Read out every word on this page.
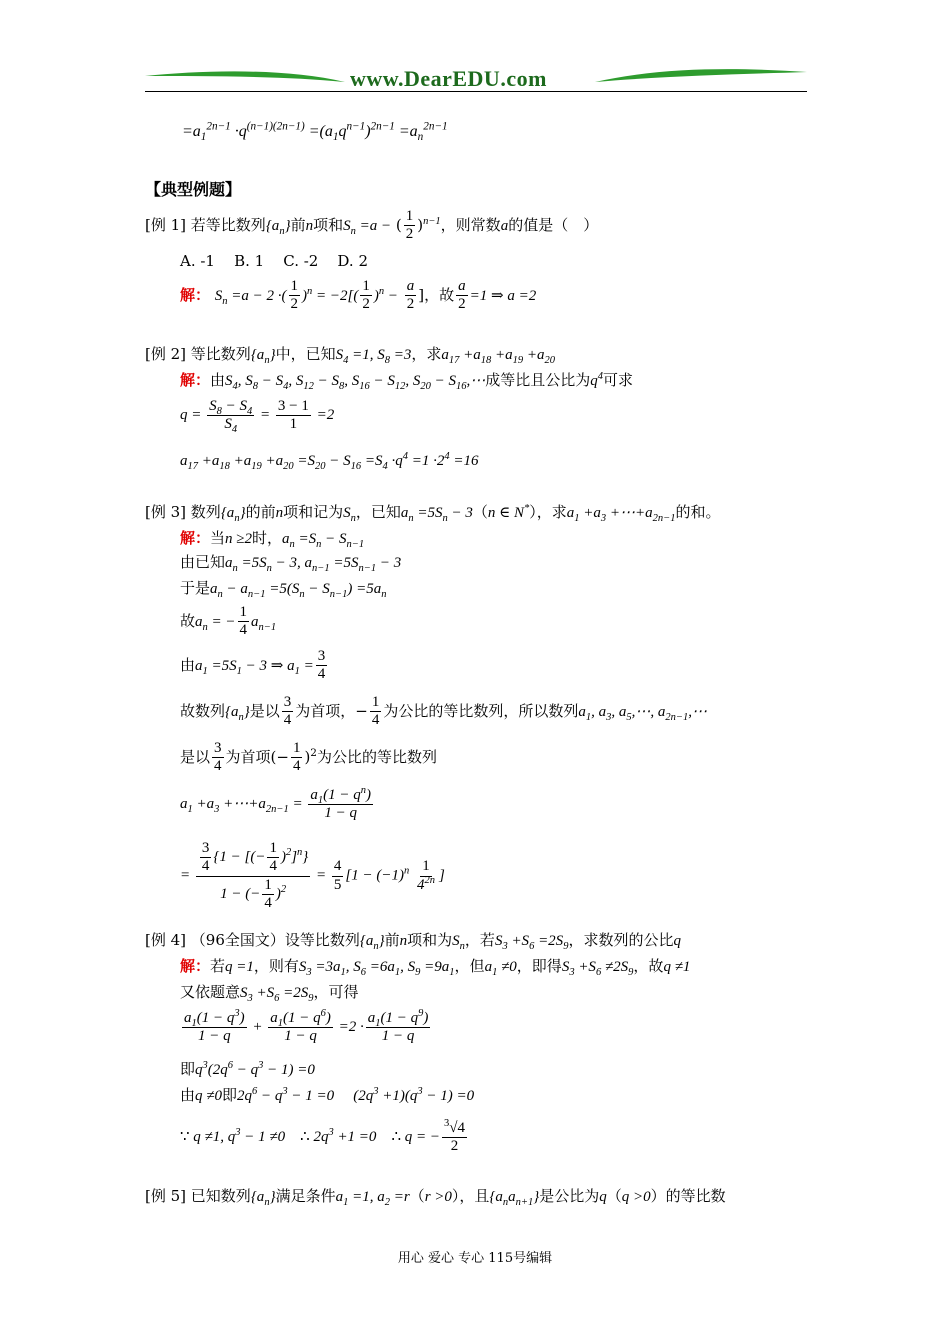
www.DearEDU.com
$=a_1^{2n-1} \cdot q^{(n-1)(2n-1)} =(a_1q^{n-1})^{2n-1} =a_n^{2n-1}$
【典型例题】
[例 1] 若等比数列$\{a_n\}$前n项和$S_n =a$ − ( $\frac{1}{2} )^{n-1}$，则常数a的值是（　）
A. -1 B. 1 C. -2 D. 2
解： $S_n =a - 2$ ·( $\frac{1}{2} )^n = -2[( \frac{1}{2} )^n - \frac{a}{2}$ ]，故 $\frac{a}{2} =1$ ⇒ a =2
[例 2] 等比数列$\{a_n\}$中，已知$S_4 =1$, $S_8 =3$，求$a_{17} +a_{18} +a_{19} +a_{20}$
解：由$S_4$, $S_8 - S_4$, $S_{12} - S_8$, $S_{16} - S_{12}$, $S_{20}$ − $S_{16},\cdots$成等比且公比为$q^4$可求
$q = \frac{S_8 - S_4}{S_4} = \frac{3 - 1}{1} =2$
$a_{17} +a_{18} +a_{19} +a_{20} =S_{20} - S_{16} =S_4 \cdot q^4 =1 \cdot 2^4 =16$
[例 3] 数列$\{a_n\}$的前n项和记为$S_n$，已知$a_n =5S_n - 3(n$ ∈ N*），求$a_1 +a_3$ $+\cdots+a_{2n-1}$的和。
解：当n ≥2时，$a_n =S_n - S_{n-1}$
由已知$a_n =5S_n - 3$, $a_{n-1} =5S_{n-1} - 3$
于是$a_n - a_{n-1} =5(S_n - S_{n-1}) =5a_n$
故$a_n$ = − $\frac{1}{4} a_{n-1}$
由$a_1 =5S_1 - 3$ ⇒ $a_1 = \frac{3}{4}$
故数列$\{a_n\}$是以 $\frac{3}{4}$ 为首项，− $\frac{1}{4}$ 为公比的等比数列，所以数列$a_1$, $a_3$, $a_5,\cdots$, $a_{2n-1},\cdots$
是以 $\frac{3}{4}$ 为首项(− $\frac{1}{4} )^2$为公比的等比数列
$a_1 +a_3$ $+\cdots+a_{2n-1} = \frac{a_1(1 - q^n)}{1 - q}$
= $\frac{\frac{3}{4} \{1 - [(- \frac{1}{4} )^2]^n\}}{1 - (- \frac{1}{4} )^2} = \frac{4}{5} [1 - (-1)^n \frac{1}{4^{2n}}$ ]
[例 4] （96全国文）设等比数列$\{a_n\}$前n项和为$S_n$，若$S_3 +S_6 =2S_9$，求数列的公比q
解：若q =1，则有$S_3 =3a_1$, $S_6 =6a_1$, $S_9 =9a_1$，但$a_1 \ne 0$，即得$S_3 +S_6 \ne 2S_9$，故q ≠1
又依题意$S_3 +S_6 =2S_9$，可得
$\frac{a_1(1 - q^3)}{1 - q} + \frac{a_1(1 - q^6)}{1 - q} =2 \cdot \frac{a_1(1 - q^9)}{1 - q}$
即$q^3(2q^6 - q^3 - 1) =0$
由q ≠0即$2q^6 - q^3 - 1 =0$ $(2q^3 +1)(q^3 - 1) =0$
∵ q ≠1, $q^3 - 1 \ne 0$    ∴ $2q^3 +1 =0$    ∴ q = − $\frac{^3√4}{2}$
[例 5] 已知数列$\{a_n\}$满足条件$a_1 =1$, $a_2 =r(r >0)$，且$\{a_na_{n+1}\}$是公比为q（q >0）的等比数
用心 爱心 专心 115号编辑
